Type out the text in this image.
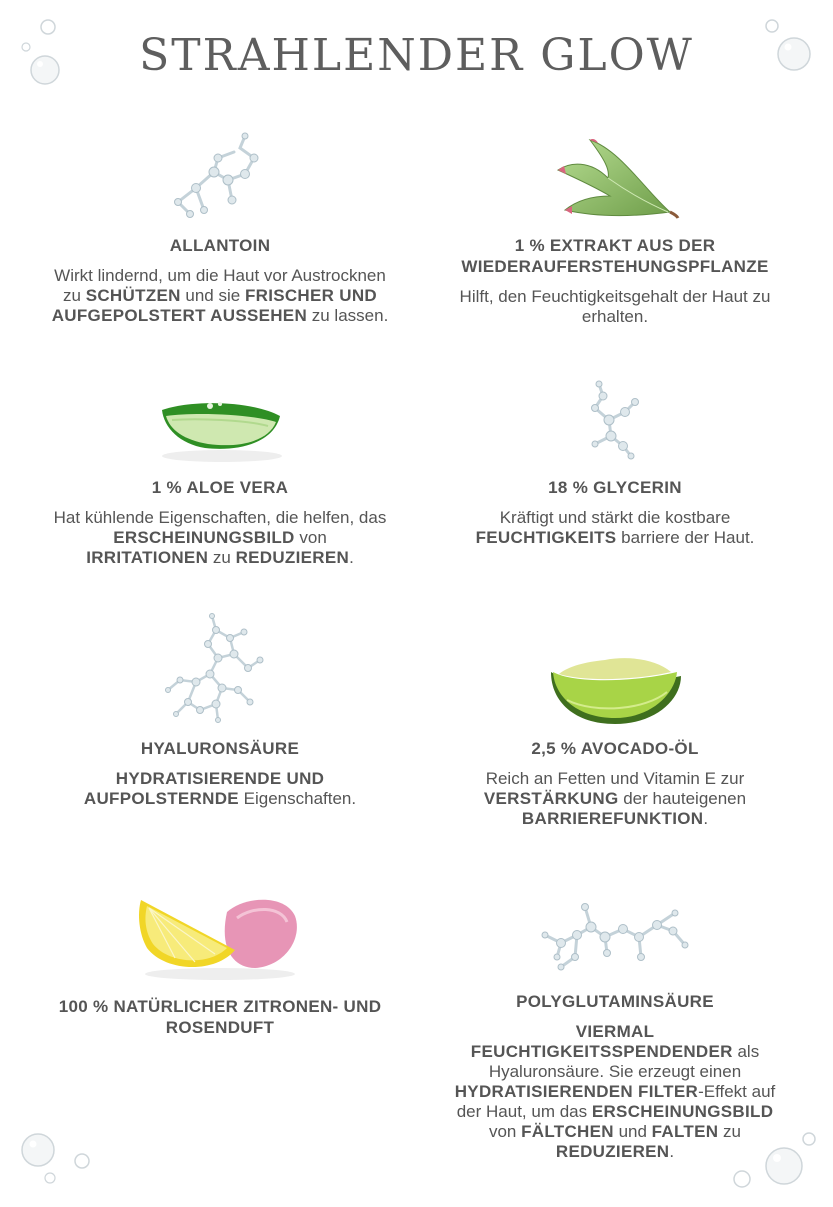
STRAHLENDER GLOW
ALLANTOIN

Wirkt lindernd, um die Haut vor Austrocknen zu SCHÜTZEN und sie FRISCHER UND AUFGEPOLSTERT AUSSEHEN zu lassen.

1 % EXTRAKT AUS DER WIEDERAUFERSTEHUNGSPFLANZE

Hilft, den Feuchtigkeitsgehalt der Haut zu erhalten.

1 % ALOE VERA

Hat kühlende Eigenschaften, die helfen, das ERSCHEINUNGSBILD von IRRITATIONEN zu REDUZIEREN.

18 % GLYCERIN

Kräftigt und stärkt die kostbare FEUCHTIGKEITS barriere der Haut.

HYALURONSÄURE

HYDRATISIERENDE UND AUFPOLSTERNDE Eigenschaften.

2,5 % AVOCADO-ÖL

Reich an Fetten und Vitamin E zur VERSTÄRKUNG der hauteigenen BARRIEREFUNKTION.

100 % NATÜRLICHER ZITRONEN- UND ROSENDUFT
POLYGLUTAMINSÄURE

VIERMAL FEUCHTIGKEITSSPENDENDER als Hyaluronsäure. Sie erzeugt einen HYDRATISIERENDEN FILTER-Effekt auf der Haut, um das ERSCHEINUNGSBILD von FÄLTCHEN und FALTEN zu REDUZIEREN.
